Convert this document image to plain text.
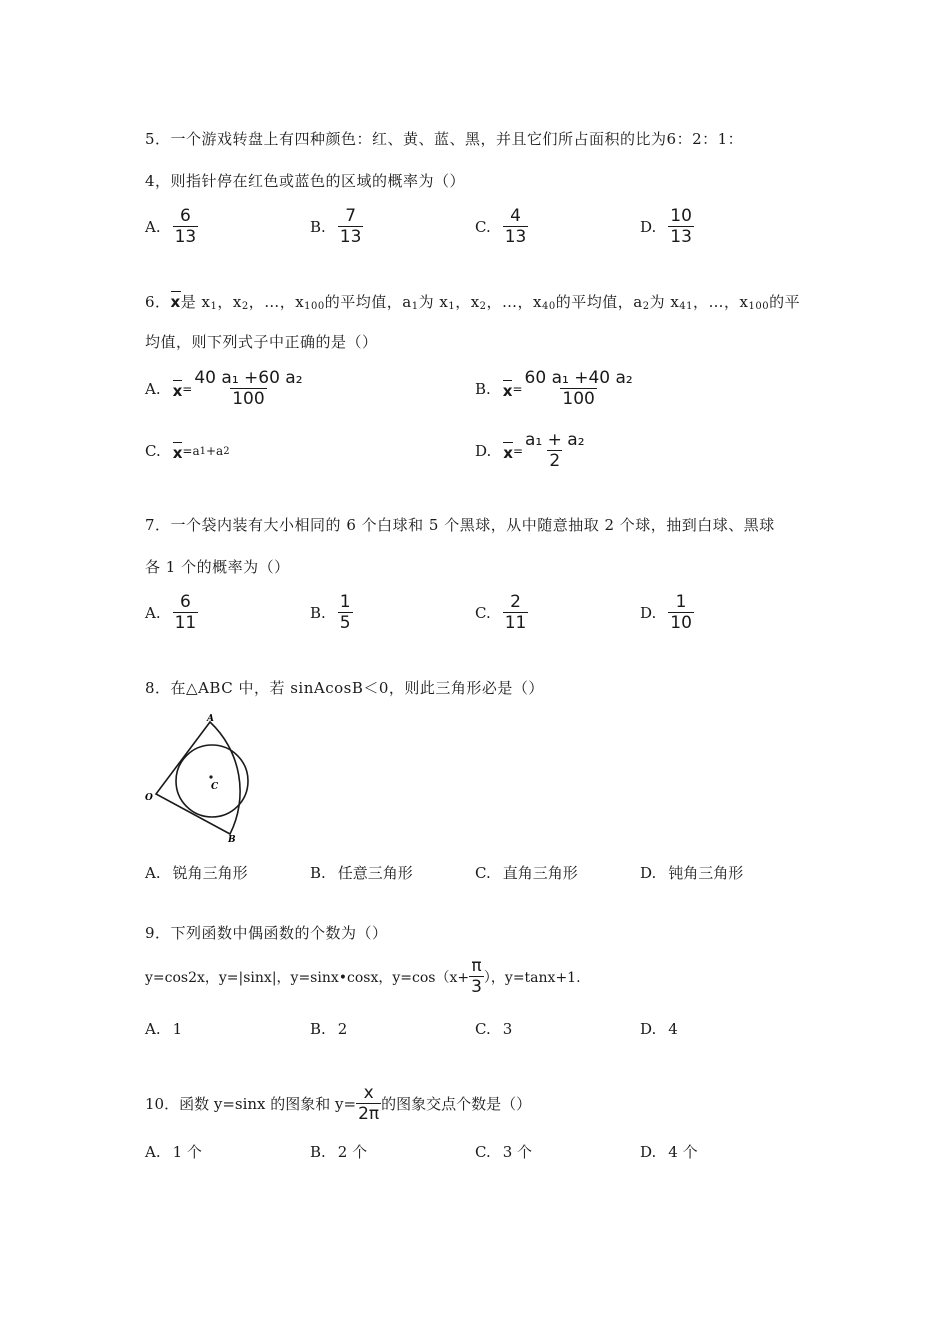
5．一个游戏转盘上有四种颜色：红、黄、蓝、黑，并且它们所占面积的比为6：2：1：
4，则指针停在红色或蓝色的区域的概率为（）
A. $\frac{6}{13}$	B. $\frac{7}{13}$	C. $\frac{4}{13}$	D. $\frac{10}{13}$
6．x是 $x_1$，$x_2$，…，$x_{100}$的平均值，$a_1$为 $x_1$，$x_2$，…，$x_{40}$的平均值，$a_2$为 $x_{41}$，…，$x_{100}$的平
均值，则下列式子中正确的是（）
A. $x = \frac{\text{40 a₁ +60 a₂}}{100}$	B. $x = \frac{\text{60 a₁ +40 a₂}}{100}$
C. x =a 1 +a 2	D. $x = \frac{\text{a₁ + a₂}}{2}$
7．一个袋内装有大小相同的 6 个白球和 5 个黑球，从中随意抽取 2 个球，抽到白球、黑球
各 1 个的概率为（）
A. $\frac{6}{11}$	B. $\frac{1}{5}$	C. $\frac{2}{11}$	D. $\frac{1}{10}$
8．在△ABC 中，若 sinAcosB＜0，则此三角形必是（）
A
O
B
C
A. 锐角三角形	B. 任意三角形	C. 直角三角形	D. 钝角三角形
9．下列函数中偶函数的个数为（）
y=cos2x，y=|sinx|，y=sinx•cosx，$y=\cos(x+ \frac{\pi}{3}$ ），y=tanx+1.
A. 1	B. 2	C. 3	D. 4
10．函数 y=sinx 的图象和 $y= \frac{x}{2\pi}$ 的图象交点个数是（）
A. 1 个	B. 2 个	C. 3 个	D. 4 个
